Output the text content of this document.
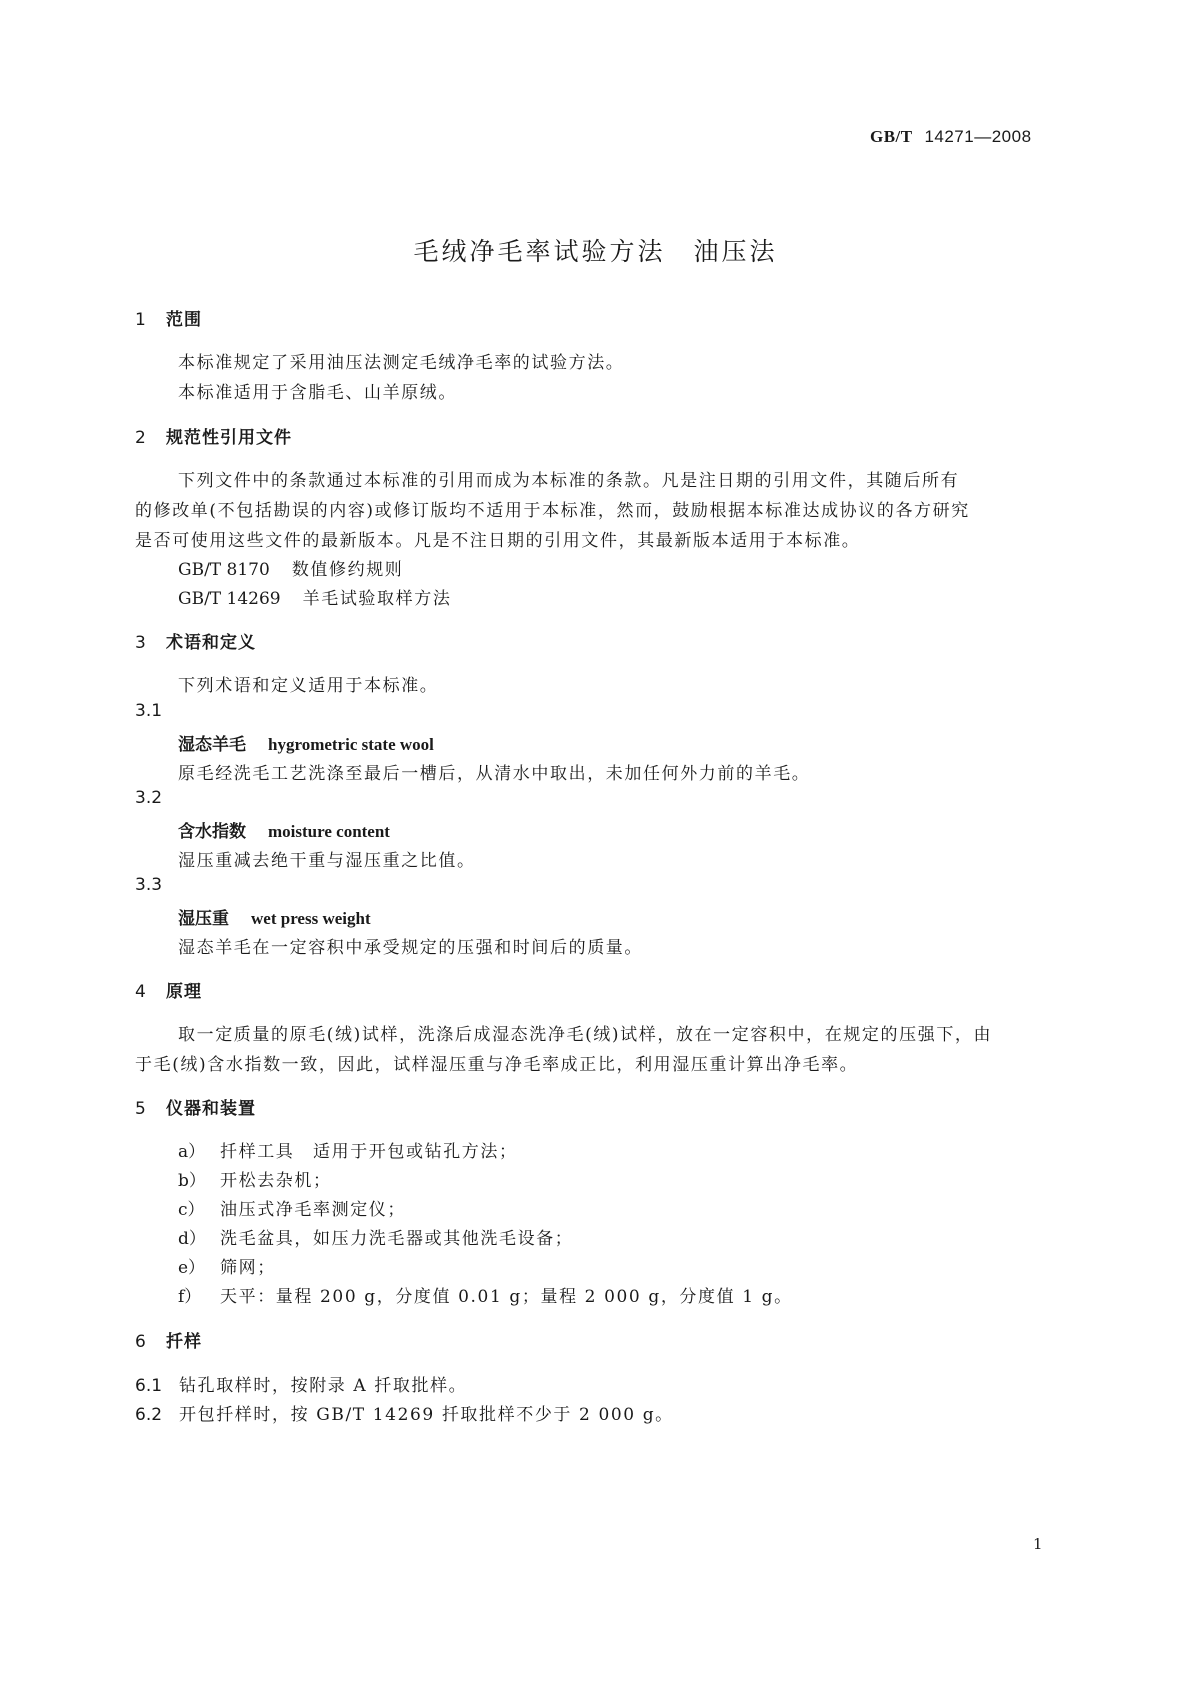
GB/T 14271—2008
毛绒净毛率试验方法　油压法
1 范围
本标准规定了采用油压法测定毛绒净毛率的试验方法。
本标准适用于含脂毛、山羊原绒。
2 规范性引用文件
下列文件中的条款通过本标准的引用而成为本标准的条款。凡是注日期的引用文件，其随后所有
的修改单(不包括勘误的内容)或修订版均不适用于本标准，然而，鼓励根据本标准达成协议的各方研究
是否可使用这些文件的最新版本。凡是不注日期的引用文件，其最新版本适用于本标准。
GB/T 8170 数值修约规则
GB/T 14269 羊毛试验取样方法
3 术语和定义
下列术语和定义适用于本标准。
3.1
湿态羊毛 hygrometric state wool
原毛经洗毛工艺洗涤至最后一槽后，从清水中取出，未加任何外力前的羊毛。
3.2
含水指数 moisture content
湿压重减去绝干重与湿压重之比值。
3.3
湿压重 wet press weight
湿态羊毛在一定容积中承受规定的压强和时间后的质量。
4 原理
取一定质量的原毛(绒)试样，洗涤后成湿态洗净毛(绒)试样，放在一定容积中，在规定的压强下，由
于毛(绒)含水指数一致，因此，试样湿压重与净毛率成正比，利用湿压重计算出净毛率。
5 仪器和装置
a） 扦样工具　适用于开包或钻孔方法；
b） 开松去杂机；
c） 油压式净毛率测定仪；
d） 洗毛盆具，如压力洗毛器或其他洗毛设备；
e） 筛网；
f） 天平：量程 200 g，分度值 0.01 g；量程 2 000 g，分度值 1 g。
6 扦样
6.1 钻孔取样时，按附录 A 扦取批样。
6.2 开包扦样时，按 GB/T 14269 扦取批样不少于 2 000 g。
1
